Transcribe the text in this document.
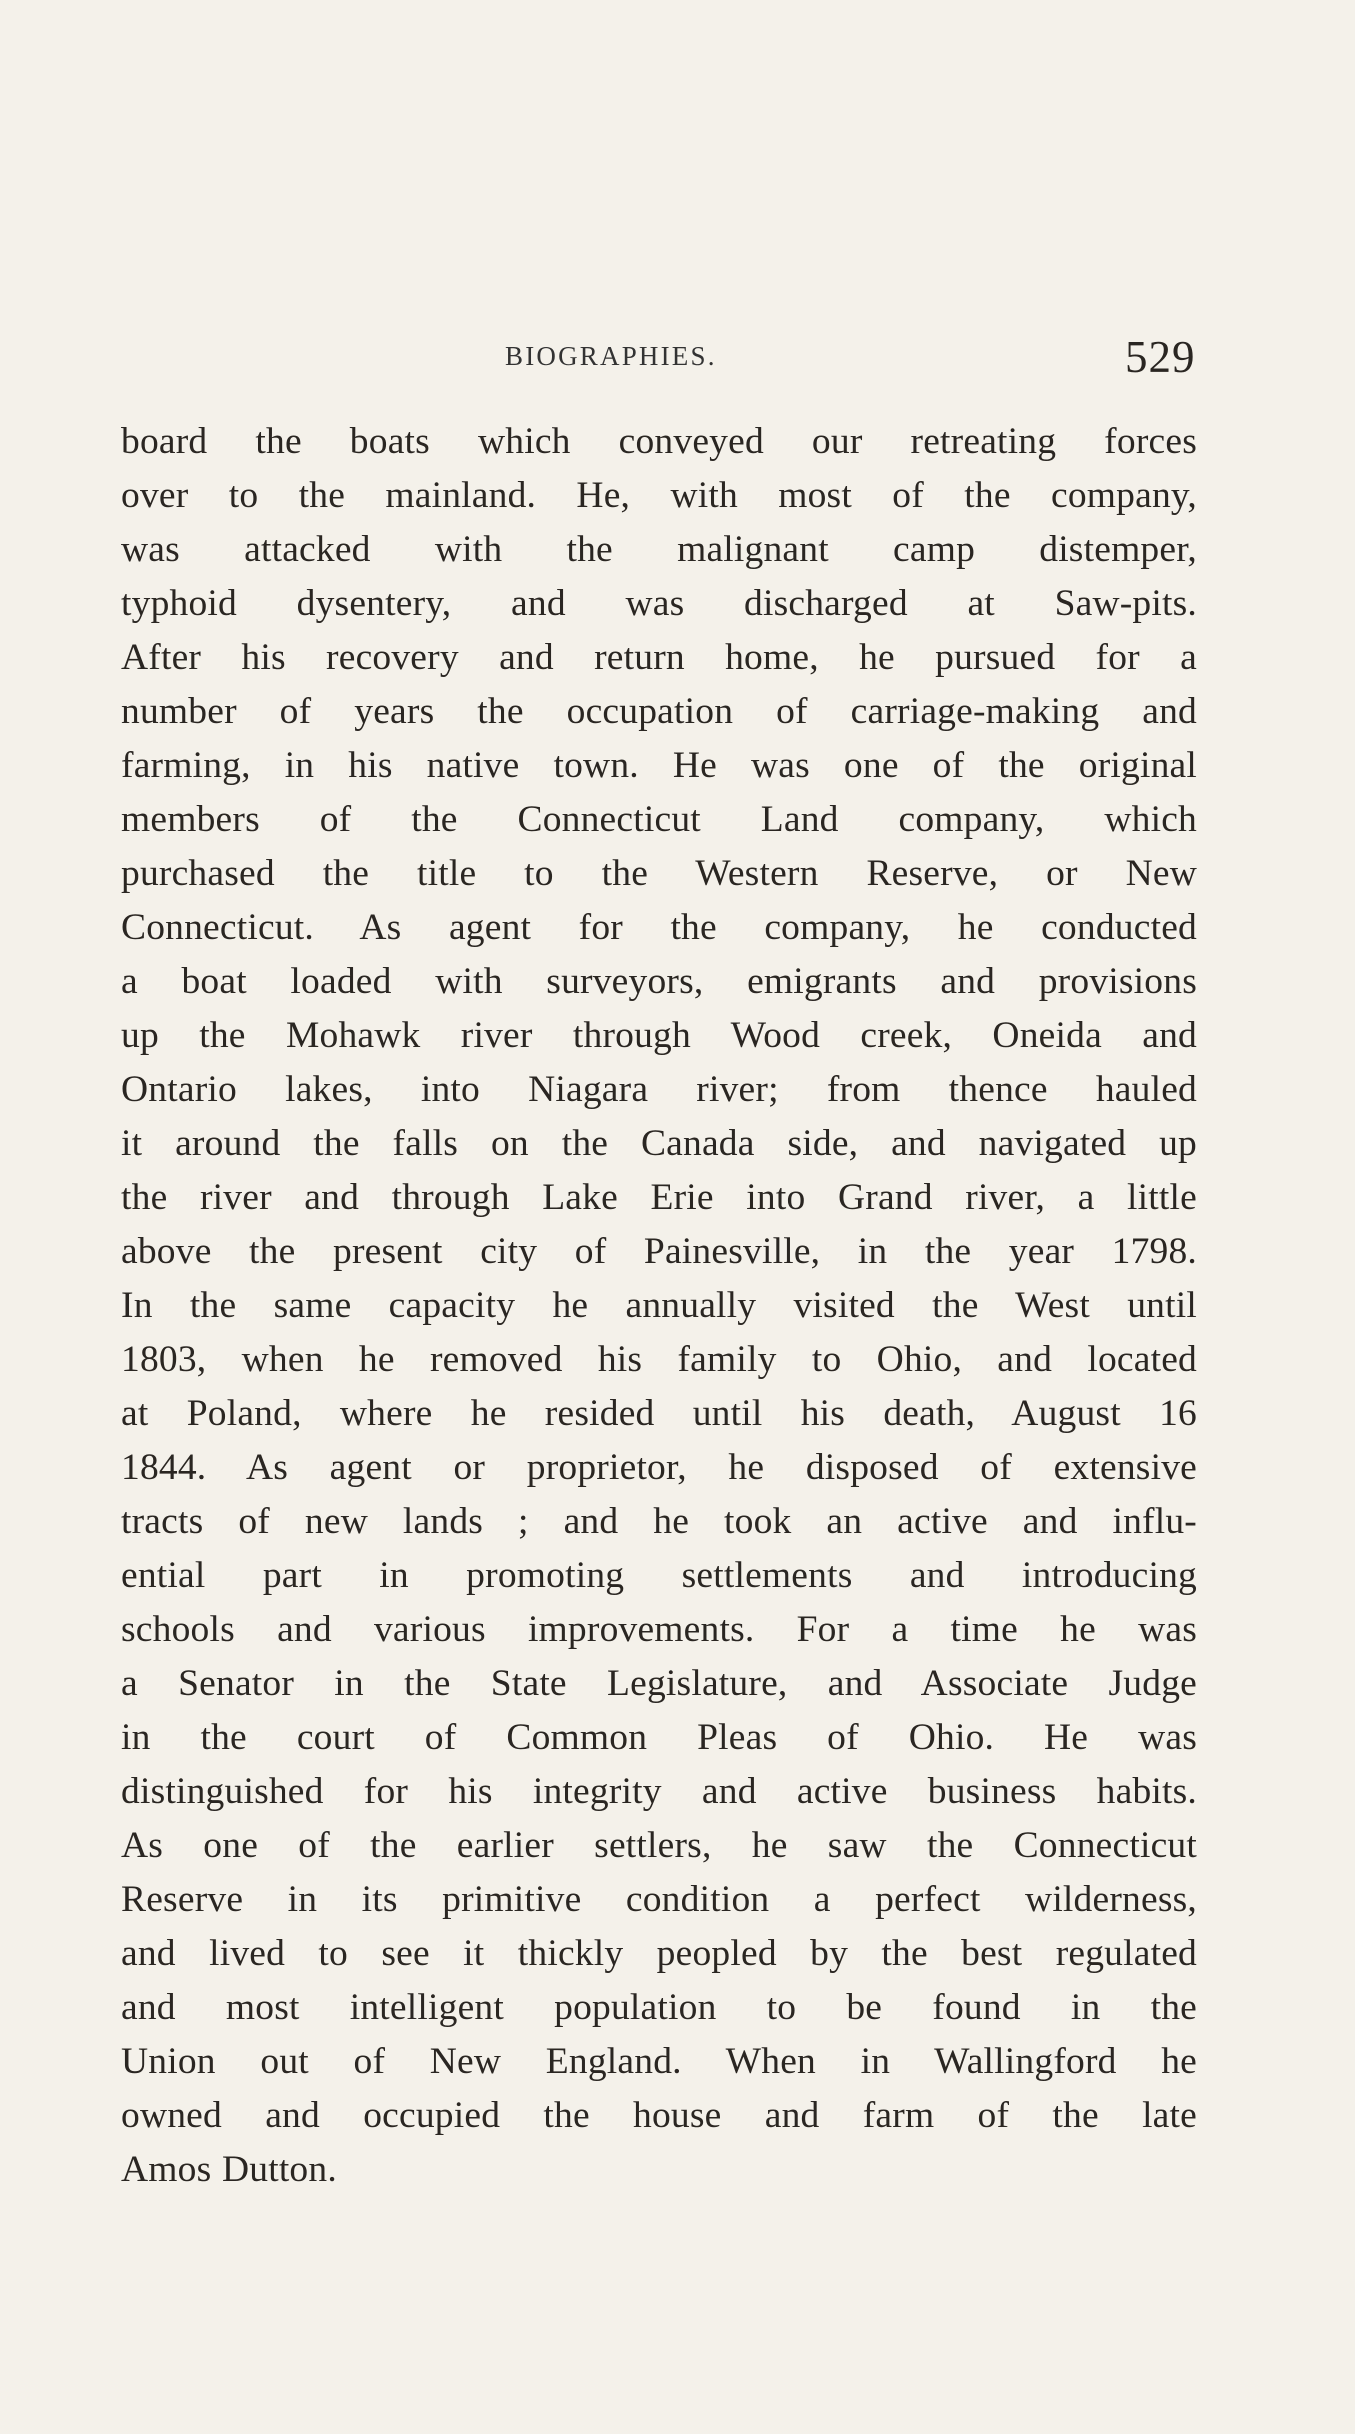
BIOGRAPHIES.	529
board the boats which conveyed our retreating forces
over to the mainland. He, with most of the company,
was attacked with the malignant camp distemper,
typhoid dysentery, and was discharged at Saw-pits.
After his recovery and return home, he pursued for a
number of years the occupation of carriage-making and
farming, in his native town. He was one of the original
members of the Connecticut Land company, which
purchased the title to the Western Reserve, or New
Connecticut. As agent for the company, he conducted
a boat loaded with surveyors, emigrants and provisions
up the Mohawk river through Wood creek, Oneida and
Ontario lakes, into Niagara river; from thence hauled
it around the falls on the Canada side, and navigated up
the river and through Lake Erie into Grand river, a little
above the present city of Painesville, in the year 1798.
In the same capacity he annually visited the West until
1803, when he removed his family to Ohio, and located
at Poland, where he resided until his death, August 16
1844. As agent or proprietor, he disposed of extensive
tracts of new lands ; and he took an active and influ-
ential part in promoting settlements and introducing
schools and various improvements. For a time he was
a Senator in the State Legislature, and Associate Judge
in the court of Common Pleas of Ohio. He was
distinguished for his integrity and active business habits.
As one of the earlier settlers, he saw the Connecticut
Reserve in its primitive condition a perfect wilderness,
and lived to see it thickly peopled by the best regulated
and most intelligent population to be found in the
Union out of New England. When in Wallingford he
owned and occupied the house and farm of the late
Amos Dutton.
